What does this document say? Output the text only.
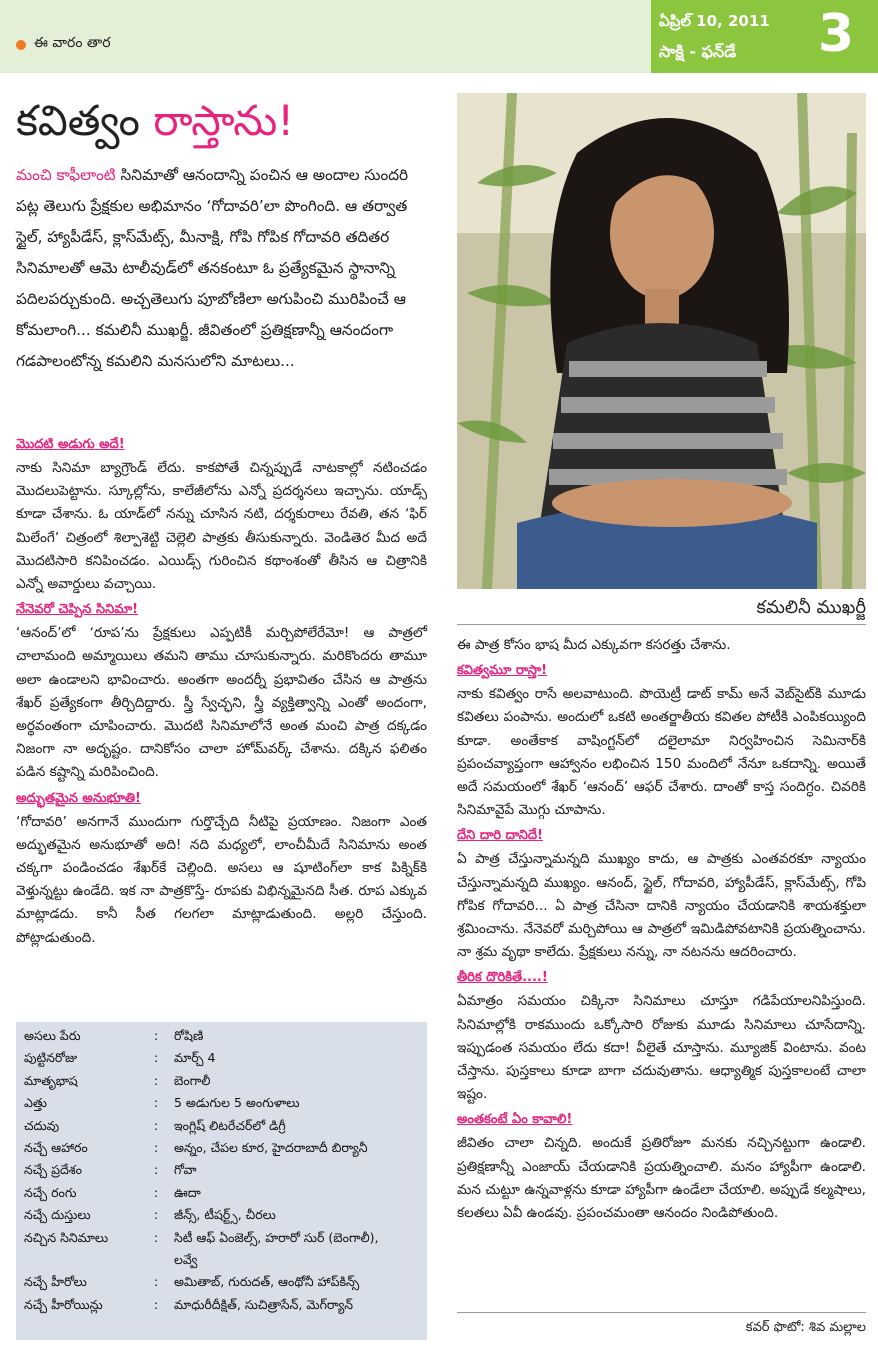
ఈ వారం తార
ఏప్రిల్ 10, 2011
సాక్షి - ఫన్‌డే 3
కవిత్వం రాస్తాను!
మంచి కాఫీలాంటి సినిమాతో ఆనందాన్ని పంచిన ఆ అందాల సుందరి పట్ల తెలుగు ప్రేక్షకుల అభిమానం ‘గోదావరి’లా పొంగింది. ఆ తర్వాత స్టైల్, హ్యాపీడేస్, క్లాస్‌మేట్స్, మీనాక్షి, గోపి గోపిక గోదావరి తదితర సినిమాలతో ఆమె టాలీవుడ్‌లో తనకంటూ ఓ ప్రత్యేకమైన స్థానాన్ని పదిలపర్చుకుంది. అచ్చతెలుగు పూబోణిలా అగుపించి మురిపించే ఆ కోమలాంగి... కమలినీ ముఖర్జీ. జీవితంలో ప్రతిక్షణాన్నీ ఆనందంగా గడపాలంటోన్న కమలిని మనసులోని మాటలు...
కమలినీ ముఖర్జీ
మొదటి అడుగు అదే!

నాకు సినిమా బ్యాగ్రౌండ్ లేదు. కాకపోతే చిన్నప్పుడే నాటకాల్లో నటించడం మొదలుపెట్టాను. స్కూల్లోను, కాలేజీలోను ఎన్నో ప్రదర్శనలు ఇచ్చాను. యాడ్స్ కూడా చేశాను. ఓ యాడ్‌లో నన్ను చూసిన నటి, దర్శకురాలు రేవతి, తన ‘ఫిర్ మిలేంగే’ చిత్రంలో శిల్పాశెట్టి చెల్లెలి పాత్రకు తీసుకున్నారు. వెండితెర మీద అదే మొదటిసారి కనిపించడం. ఎయిడ్స్ గురించిన కథాంశంతో తీసిన ఆ చిత్రానికి ఎన్నో అవార్డులు వచ్చాయి.

నేనెవరో చెప్పిన సినిమా!

‘ఆనంద్’లో ‘రూప’ను ప్రేక్షకులు ఎప్పటికీ మర్చిపోలేరేమో! ఆ పాత్రలో చాలామంది అమ్మాయిలు తమని తాము చూసుకున్నారు. మరికొందరు తామూ అలా ఉండాలని భావించారు. అంతగా అందర్నీ ప్రభావితం చేసిన ఆ పాత్రను శేఖర్ ప్రత్యేకంగా తీర్చిదిద్దారు. స్త్రీ స్వేచ్ఛని, స్త్రీ వ్యక్తిత్వాన్ని ఎంతో అందంగా, అర్థవంతంగా చూపించారు. మొదటి సినిమాలోనే అంత మంచి పాత్ర దక్కడం నిజంగా నా అదృష్టం. దానికోసం చాలా హోమ్‌వర్క్ చేశాను. దక్కిన ఫలితం పడిన కష్టాన్ని మరిపించింది.

అద్భుతమైన అనుభూతి!

‘గోదావరి’ అనగానే ముందుగా గుర్తొచ్చేది నీటిపై ప్రయాణం. నిజంగా ఎంత అద్భుతమైన అనుభూతో అది! నది మధ్యలో, లాంచీమీదే సినిమాను అంత చక్కగా పండించడం శేఖర్‌కే చెల్లింది. అసలు ఆ షూటింగ్‌లా కాక పిక్నిక్‌కి వెళ్తున్నట్టు ఉండేది. ఇక నా పాత్రకొస్తే- రూపకు విభిన్నమైనది సీత. రూప ఎక్కువ మాట్లాడదు. కానీ సీత గలగలా మాట్లాడుతుంది. అల్లరి చేస్తుంది. పోట్లాడుతుంది.

ఈ పాత్ర కోసం భాష మీద ఎక్కువగా కసరత్తు చేశాను.

కవిత్వమూ రాస్తా!

నాకు కవిత్వం రాసే అలవాటుంది. పొయెట్రీ డాట్ కామ్ అనే వెబ్‌సైట్‌కి మూడు కవితలు పంపాను. అందులో ఒకటి అంతర్జాతీయ కవితల పోటీకి ఎంపికయ్యింది కూడా. అంతేకాక వాషింగ్టన్‌లో దలైలామా నిర్వహించిన సెమినార్‌కి ప్రపంచవ్యాప్తంగా ఆహ్వానం లభించిన 150 మందిలో నేనూ ఒకదాన్ని. అయితే అదే సమయంలో శేఖర్ ‘ఆనంద్’ ఆఫర్ చేశారు. దాంతో కాస్త సందిగ్ధం. చివరికి సినిమావైపే మొగ్గు చూపాను.

దేని దారి దానిదే!

ఏ పాత్ర చేస్తున్నామన్నది ముఖ్యం కాదు, ఆ పాత్రకు ఎంతవరకూ న్యాయం చేస్తున్నామన్నది ముఖ్యం. ఆనంద్, స్టైల్, గోదావరి, హ్యాపీడేస్, క్లాస్‌మేట్స్, గోపి గోపిక గోదావరి... ఏ పాత్ర చేసినా దానికి న్యాయం చేయడానికి శాయశక్తులా శ్రమించాను. నేనెవరో మర్చిపోయి ఆ పాత్రలో ఇమిడిపోవటానికి ప్రయత్నించాను. నా శ్రమ వృథా కాలేదు. ప్రేక్షకులు నన్ను, నా నటనను ఆదరించారు.

తీరిక దొరికితే....!

ఏమాత్రం సమయం చిక్కినా సినిమాలు చూస్తూ గడిపేయాలనిపిస్తుంది. సినిమాల్లోకి రాకముందు ఒక్కోసారి రోజుకు మూడు సినిమాలు చూసేదాన్ని. ఇప్పుడంత సమయం లేదు కదా! వీలైతే చూస్తాను. మ్యూజిక్ వింటాను. వంట చేస్తాను. పుస్తకాలు కూడా బాగా చదువుతాను. ఆధ్యాత్మిక పుస్తకాలంటే చాలా ఇష్టం.

అంతకంటే ఏం కావాలి!

జీవితం చాలా చిన్నది. అందుకే ప్రతిరోజూ మనకు నచ్చినట్టుగా ఉండాలి. ప్రతిక్షణాన్నీ ఎంజాయ్ చేయడానికి ప్రయత్నించాలి. మనం హ్యాపీగా ఉండాలి. మన చుట్టూ ఉన్నవాళ్లను కూడా హ్యాపీగా ఉండేలా చేయాలి. అప్పుడే కల్మషాలు, కలతలు ఏవీ ఉండవు. ప్రపంచమంతా ఆనందం నిండిపోతుంది.

అసలు పేరు	:	రోషిణి
పుట్టినరోజు	:	మార్చ్ 4
మాతృభాష	:	బెంగాలీ
ఎత్తు	:	5 అడుగుల 5 అంగుళాలు
చదువు	:	ఇంగ్లిష్ లిటరేచర్‌లో డిగ్రీ
నచ్చే ఆహారం	:	అన్నం, చేపల కూర, హైదరాబాదీ బిర్యానీ
నచ్చే ప్రదేశం	:	గోవా
నచ్చే రంగు	:	ఊదా
నచ్చే దుస్తులు	:	జీన్స్, టీషర్ట్స్, చీరలు
నచ్చిన సినిమాలు	:	సిటీ ఆఫ్ ఏంజెల్స్, హరారో సుర్ (బెంగాలీ),
		లవ్వే
నచ్చే హీరోలు	:	అమితాబ్, గురుదత్, ఆంథోనీ హాప్‌కిన్స్
నచ్చే హీరోయిన్లు	:	మాధురీదీక్షిత్, సుచిత్రాసేన్, మెగ్‌ర్యాన్
కవర్ ఫొటో: శివ మల్లాల
